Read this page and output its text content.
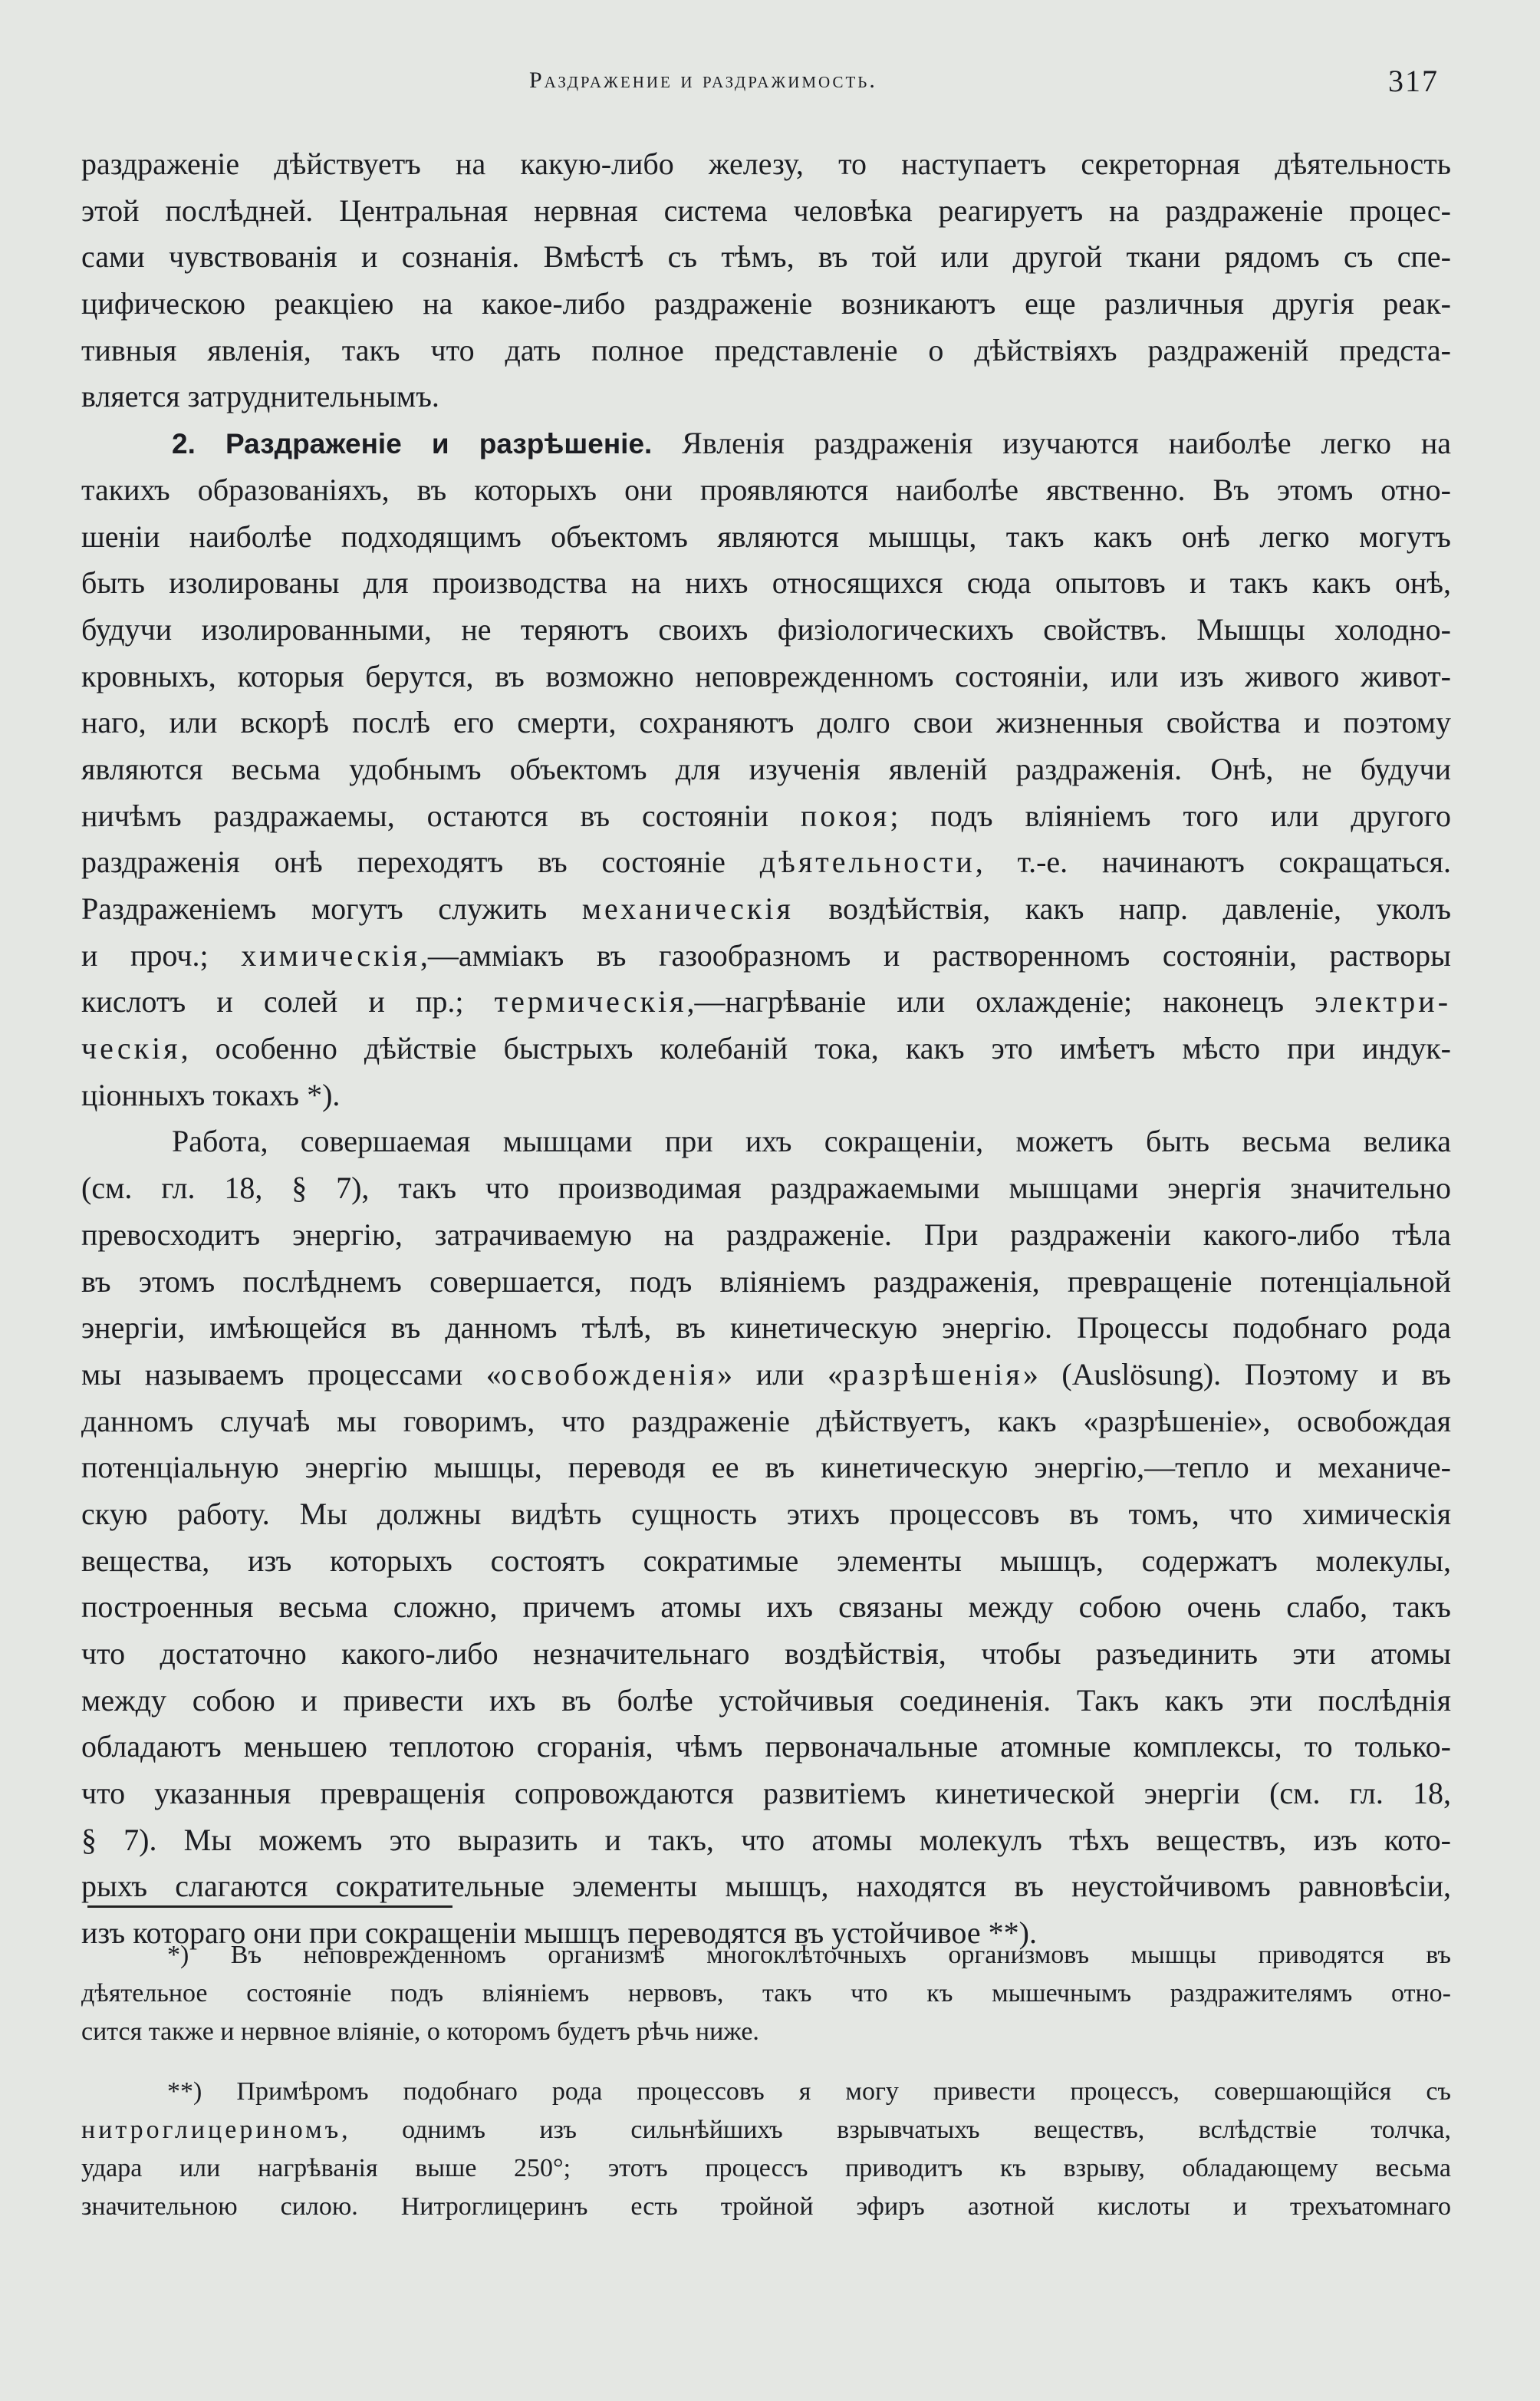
Раздражение и раздражимость.	317
раздраженіе дѣйствуетъ на какую-либо железу, то наступаетъ секреторная дѣятельность
этой послѣдней. Центральная нервная система человѣка реагируетъ на раздраженіе процес-
сами чувствованія и сознанія. Вмѣстѣ съ тѣмъ, въ той или другой ткани рядомъ съ спе-
цифическою реакціею на какое-либо раздраженіе возникаютъ еще различныя другія реак-
тивныя явленія, такъ что дать полное представленіе о дѣйствіяхъ раздраженій предста-
вляется затруднительнымъ.
2. Раздраженіе и разрѣшеніе. Явленія раздраженія изучаются наиболѣе легко на
такихъ образованіяхъ, въ которыхъ они проявляются наиболѣе явственно. Въ этомъ отно-
шеніи наиболѣе подходящимъ объектомъ являются мышцы, такъ какъ онѣ легко могутъ
быть изолированы для производства на нихъ относящихся сюда опытовъ и такъ какъ онѣ,
будучи изолированными, не теряютъ своихъ физіологическихъ свойствъ. Мышцы холодно-
кровныхъ, которыя берутся, въ возможно неповрежденномъ состояніи, или изъ живого живот-
наго, или вскорѣ послѣ его смерти, сохраняютъ долго свои жизненныя свойства и поэтому
являются весьма удобнымъ объектомъ для изученія явленій раздраженія. Онѣ, не будучи
ничѣмъ раздражаемы, остаются въ состояніи покоя; подъ вліяніемъ того или другого
раздраженія онѣ переходятъ въ состояніе дѣятельности, т.-е. начинаютъ сокращаться.
Раздраженіемъ могутъ служить механическія воздѣйствія, какъ напр. давленіе, уколъ
и проч.; химическія,—амміакъ въ газообразномъ и растворенномъ состояніи, растворы
кислотъ и солей и пр.; термическія,—нагрѣваніе или охлажденіе; наконецъ электри-
ческія, особенно дѣйствіе быстрыхъ колебаній тока, какъ это имѣетъ мѣсто при индук-
ціонныхъ токахъ *).
Работа, совершаемая мышцами при ихъ сокращеніи, можетъ быть весьма велика
(см. гл. 18, § 7), такъ что производимая раздражаемыми мышцами энергія значительно
превосходитъ энергію, затрачиваемую на раздраженіе. При раздраженіи какого-либо тѣла
въ этомъ послѣднемъ совершается, подъ вліяніемъ раздраженія, превращеніе потенціальной
энергіи, имѣющейся въ данномъ тѣлѣ, въ кинетическую энергію. Процессы подобнаго рода
мы называемъ процессами «освобожденія» или «разрѣшенія» (Auslösung). Поэтому и въ
данномъ случаѣ мы говоримъ, что раздраженіе дѣйствуетъ, какъ «разрѣшеніе», освобождая
потенціальную энергію мышцы, переводя ее въ кинетическую энергію,—тепло и механиче-
скую работу. Мы должны видѣть сущность этихъ процессовъ въ томъ, что химическія
вещества, изъ которыхъ состоятъ сократимые элементы мышцъ, содержатъ молекулы,
построенныя весьма сложно, причемъ атомы ихъ связаны между собою очень слабо, такъ
что достаточно какого-либо незначительнаго воздѣйствія, чтобы разъединить эти атомы
между собою и привести ихъ въ болѣе устойчивыя соединенія. Такъ какъ эти послѣднія
обладаютъ меньшею теплотою сгоранія, чѣмъ первоначальные атомные комплексы, то только-
что указанныя превращенія сопровождаются развитіемъ кинетической энергіи (см. гл. 18,
§ 7). Мы можемъ это выразить и такъ, что атомы молекулъ тѣхъ веществъ, изъ кото-
рыхъ слагаются сократительные элементы мышцъ, находятся въ неустойчивомъ равновѣсіи,
изъ котораго они при сокращеніи мышцъ переводятся въ устойчивое **).
*) Въ неповрежденномъ организмѣ многоклѣточныхъ организмовъ мышцы приводятся въ
дѣятельное состояніе подъ вліяніемъ нервовъ, такъ что къ мышечнымъ раздражителямъ отно-
сится также и нервное вліяніе, о которомъ будетъ рѣчь ниже.
**) Примѣромъ подобнаго рода процессовъ я могу привести процессъ, совершающійся съ
нитроглицериномъ, однимъ изъ сильнѣйшихъ взрывчатыхъ веществъ, вслѣдствіе толчка,
удара или нагрѣванія выше 250°; этотъ процессъ приводитъ къ взрыву, обладающему весьма
значительною силою. Нитроглицеринъ есть тройной эфиръ азотной кислоты и трехъатомнаго
